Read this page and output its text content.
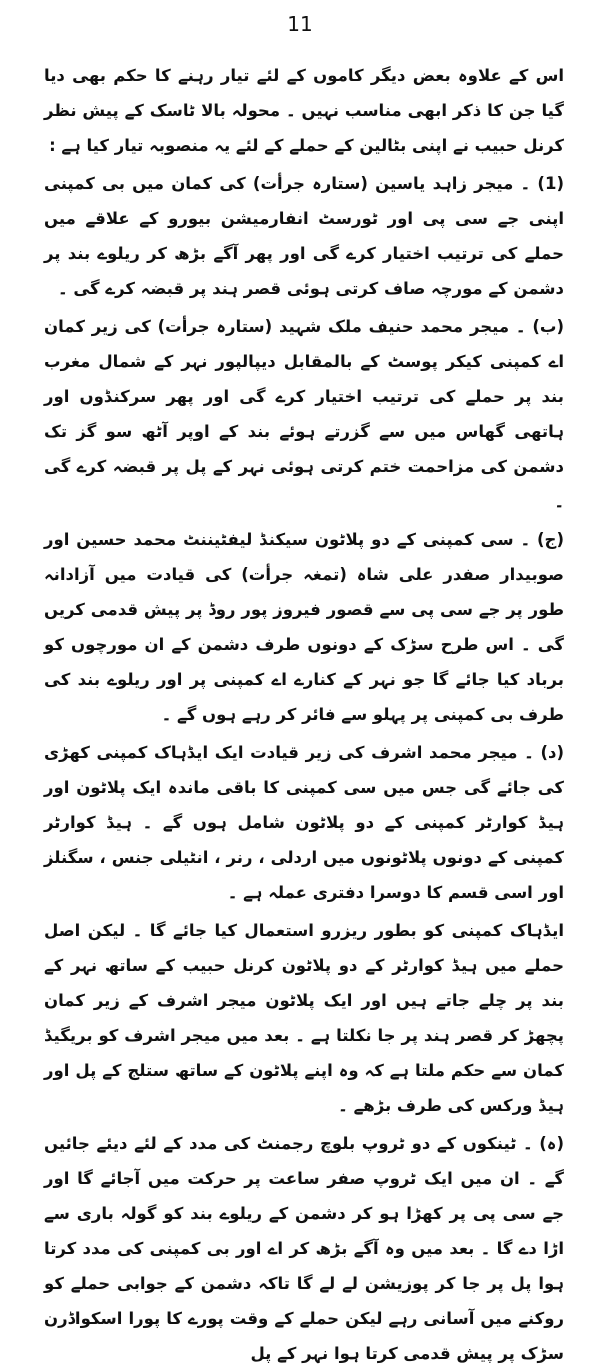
11

اس کے علاوہ بعض دیگر کاموں کے لئے تیار رہنے کا حکم بھی دیا گیا جن کا ذکر ابھی مناسب نہیں ۔ محولہ بالا ٹاسک کے پیش نظر کرنل حبیب نے اپنی بٹالین کے حملے کے لئے یہ منصوبہ تیار کیا ہے :

(1) ۔ میجر زاہد یاسین (ستارہ جرأت) کی کمان میں بی کمپنی اپنی جے سی پی اور ٹورسٹ انفارمیشن بیورو کے علاقے میں حملے کی ترتیب اختیار کرے گی اور پھر آگے بڑھ کر ریلوے بند پر دشمن کے مورچہ صاف کرتی ہوئی قصر ہند پر قبضہ کرے گی ۔

(ب) ۔ میجر محمد حنیف ملک شہید (ستارہ جرأت) کی زیر کمان اے کمپنی کیکر پوسٹ کے بالمقابل دیپالپور نہر کے شمال مغرب بند پر حملے کی ترتیب اختیار کرے گی اور پھر سرکنڈوں اور ہاتھی گھاس میں سے گزرتے ہوئے بند کے اوپر آٹھ سو گز تک دشمن کی مزاحمت ختم کرتی ہوئی نہر کے پل پر قبضہ کرے گی ۔

(ج) ۔ سی کمپنی کے دو پلاٹون سیکنڈ لیفٹیننٹ محمد حسین اور صوبیدار صفدر علی شاہ (تمغہ جرأت) کی قیادت میں آزادانہ طور پر جے سی پی سے قصور فیروز پور روڈ پر پیش قدمی کریں گی ۔ اس طرح سڑک کے دونوں طرف دشمن کے ان مورچوں کو برباد کیا جائے گا جو نہر کے کنارے اے کمپنی پر اور ریلوے بند کی طرف بی کمپنی پر پہلو سے فائر کر رہے ہوں گے ۔

(د) ۔ میجر محمد اشرف کی زیر قیادت ایک ایڈہاک کمپنی کھڑی کی جائے گی جس میں سی کمپنی کا باقی ماندہ ایک پلاٹون اور ہیڈ کوارٹر کمپنی کے دو پلاٹون شامل ہوں گے ۔ ہیڈ کوارٹر کمپنی کے دونوں پلاٹونوں میں اردلی ، رنر ، انٹیلی جنس ، سگنلز اور اسی قسم کا دوسرا دفتری عملہ ہے ۔

ایڈہاک کمپنی کو بطور ریزرو استعمال کیا جائے گا ۔ لیکن اصل حملے میں ہیڈ کوارٹر کے دو پلاٹون کرنل حبیب کے ساتھ نہر کے بند پر چلے جاتے ہیں اور ایک پلاٹون میجر اشرف کے زیر کمان پچھڑ کر قصر ہند پر جا نکلتا ہے ۔ بعد میں میجر اشرف کو بریگیڈ کمان سے حکم ملتا ہے کہ وہ اپنے پلاٹون کے ساتھ ستلج کے پل اور ہیڈ ورکس کی طرف بڑھے ۔

(ہ) ۔ ٹینکوں کے دو ٹروپ بلوچ رجمنٹ کی مدد کے لئے دیئے جائیں گے ۔ ان میں ایک ٹروپ صفر ساعت پر حرکت میں آجائے گا اور جے سی پی پر کھڑا ہو کر دشمن کے ریلوے بند کو گولہ باری سے اڑا دے گا ۔ بعد میں وہ آگے بڑھ کر اے اور بی کمپنی کی مدد کرتا ہوا پل پر جا کر پوزیشن لے لے گا تاکہ دشمن کے جوابی حملے کو روکنے میں آسانی رہے لیکن حملے کے وقت پورے کا پورا اسکواڈرن سڑک پر پیش قدمی کرتا ہوا نہر کے پل
